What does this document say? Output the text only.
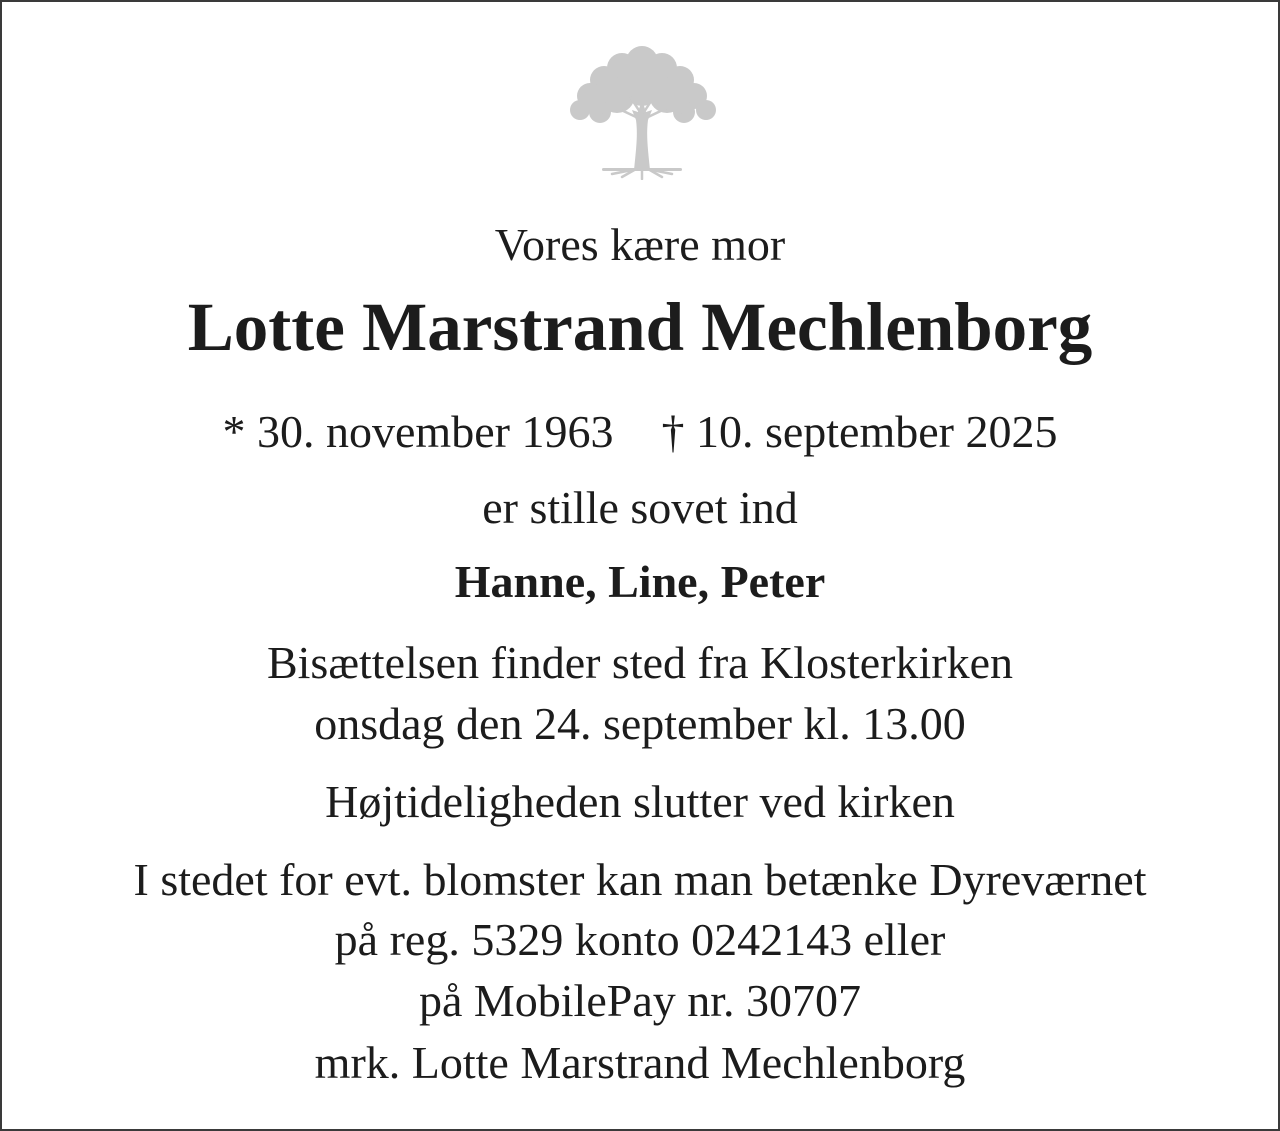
Vores kære mor
Lotte Marstrand Mechlenborg
* 30. november 1963 † 10. september 2025
er stille sovet ind
Hanne, Line, Peter
Bisættelsen finder sted fra Klosterkirken
onsdag den 24. september kl. 13.00
Højtideligheden slutter ved kirken
I stedet for evt. blomster kan man betænke Dyreværnet
på reg. 5329 konto 0242143 eller
på MobilePay nr. 30707
mrk. Lotte Marstrand Mechlenborg
